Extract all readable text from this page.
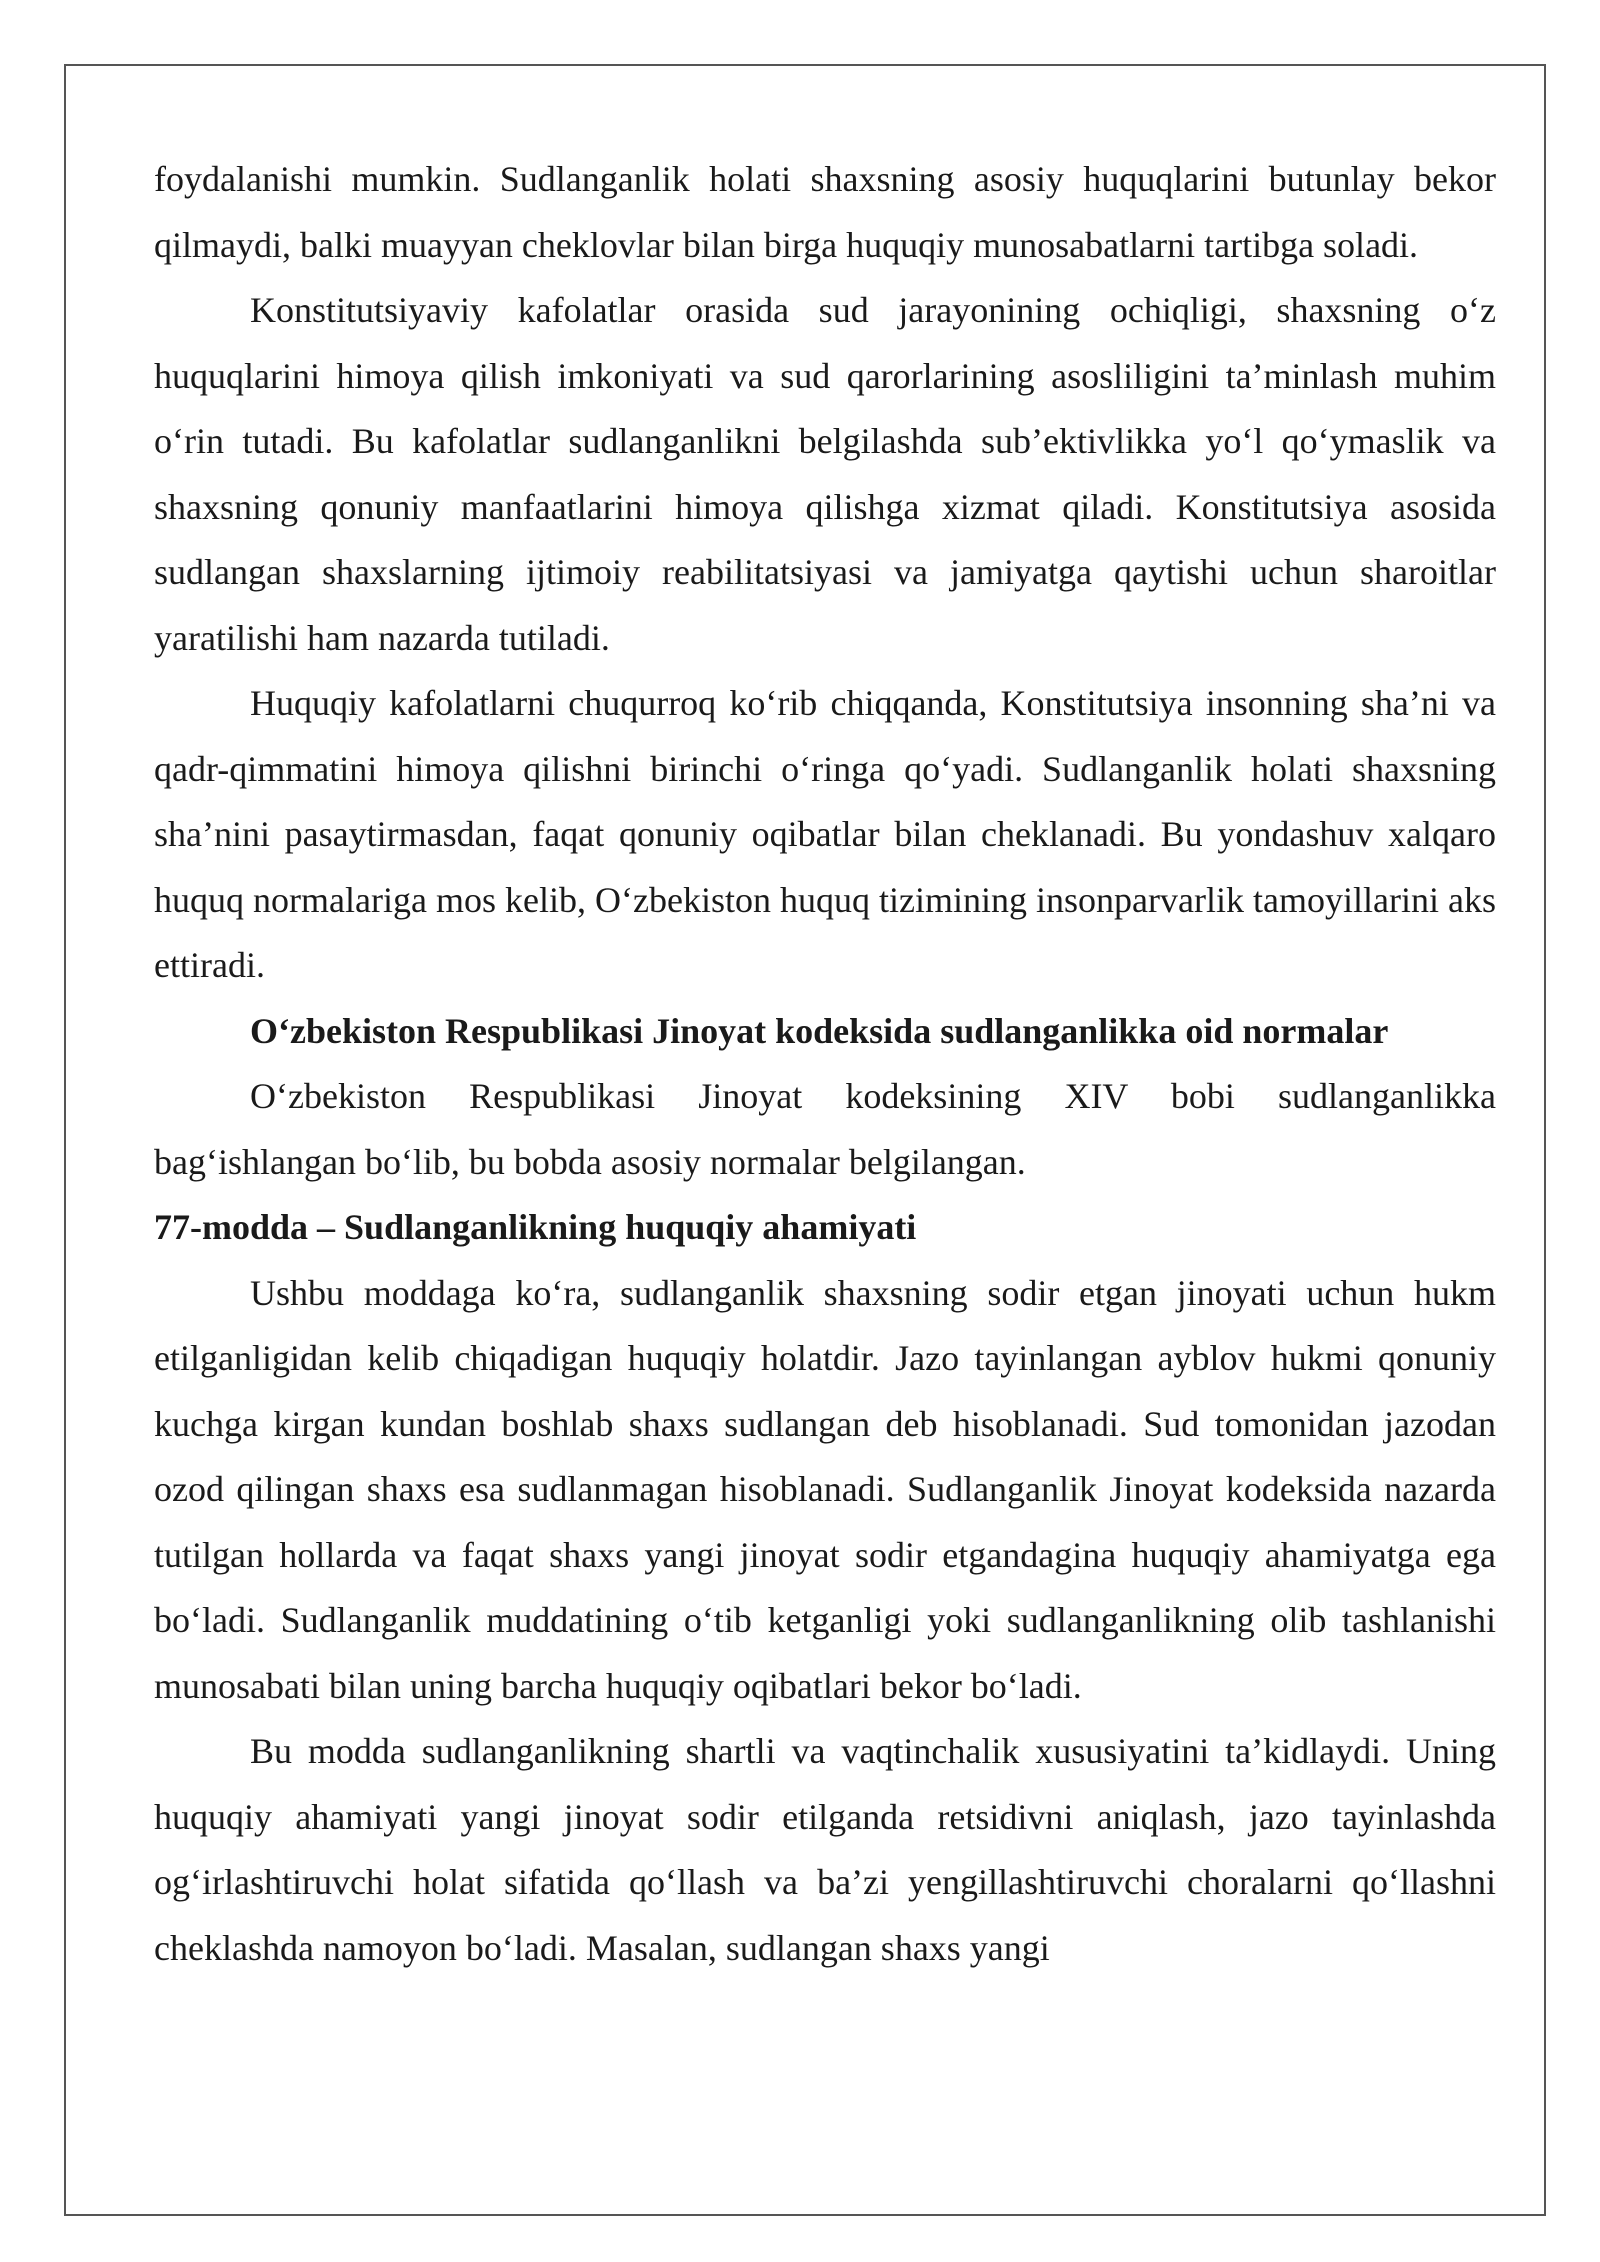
foydalanishi mumkin. Sudlanganlik holati shaxsning asosiy huquqlarini butunlay bekor qilmaydi, balki muayyan cheklovlar bilan birga huquqiy munosabatlarni tartibga soladi.

Konstitutsiyaviy kafolatlar orasida sud jarayonining ochiqligi, shaxsning o‘z huquqlarini himoya qilish imkoniyati va sud qarorlarining asosliligini ta’minlash muhim o‘rin tutadi. Bu kafolatlar sudlanganlikni belgilashda sub’ektivlikka yo‘l qo‘ymaslik va shaxsning qonuniy manfaatlarini himoya qilishga xizmat qiladi. Konstitutsiya asosida sudlangan shaxslarning ijtimoiy reabilitatsiyasi va jamiyatga qaytishi uchun sharoitlar yaratilishi ham nazarda tutiladi.

Huquqiy kafolatlarni chuqurroq ko‘rib chiqqanda, Konstitutsiya insonning sha’ni va qadr-qimmatini himoya qilishni birinchi o‘ringa qo‘yadi. Sudlanganlik holati shaxsning sha’nini pasaytirmasdan, faqat qonuniy oqibatlar bilan cheklanadi. Bu yondashuv xalqaro huquq normalariga mos kelib, O‘zbekiston huquq tizimining insonparvarlik tamoyillarini aks ettiradi.

O‘zbekiston Respublikasi Jinoyat kodeksida sudlanganlikka oid normalar

O‘zbekiston Respublikasi Jinoyat kodeksining XIV bobi sudlanganlikka bag‘ishlangan bo‘lib, bu bobda asosiy normalar belgilangan.

77-modda – Sudlanganlikning huquqiy ahamiyati

Ushbu moddaga ko‘ra, sudlanganlik shaxsning sodir etgan jinoyati uchun hukm etilganligidan kelib chiqadigan huquqiy holatdir. Jazo tayinlangan ayblov hukmi qonuniy kuchga kirgan kundan boshlab shaxs sudlangan deb hisoblanadi. Sud tomonidan jazodan ozod qilingan shaxs esa sudlanmagan hisoblanadi. Sudlanganlik Jinoyat kodeksida nazarda tutilgan hollarda va faqat shaxs yangi jinoyat sodir etgandagina huquqiy ahamiyatga ega bo‘ladi. Sudlanganlik muddatining o‘tib ketganligi yoki sudlanganlikning olib tashlanishi munosabati bilan uning barcha huquqiy oqibatlari bekor bo‘ladi.

Bu modda sudlanganlikning shartli va vaqtinchalik xususiyatini ta’kidlaydi. Uning huquqiy ahamiyati yangi jinoyat sodir etilganda retsidivni aniqlash, jazo tayinlashda og‘irlashtiruvchi holat sifatida qo‘llash va ba’zi yengillashtiruvchi choralarni qo‘llashni cheklashda namoyon bo‘ladi. Masalan, sudlangan shaxs yangi
